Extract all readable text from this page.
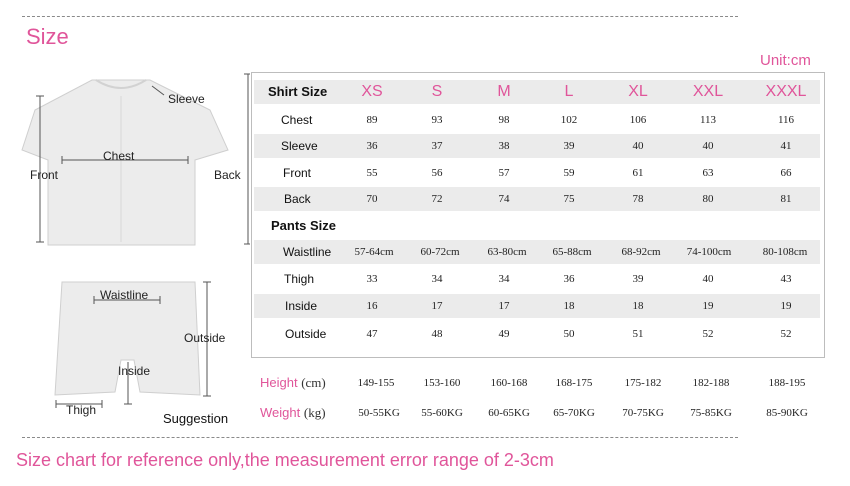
Size
Unit:cm
Sleeve
Chest
Front	Back
Waistline
Outside
Inside
Thigh
Shirt Size	XS	S	M	L	XL	XXL	XXXL
Chest	89	93	98	102	106	113	116
Sleeve	36	37	38	39	40	40	41
Front	55	56	57	59	61	63	66
Back	70	72	74	75	78	80	81
Pants Size
Waistline	57-64cm	60-72cm	63-80cm	65-88cm	68-92cm	74-100cm	80-108cm
Thigh	33	34	34	36	39	40	43
Inside	16	17	17	18	18	19	19
Outside	47	48	49	50	51	52	52
Height (cm)	149-155	153-160	160-168	168-175	175-182	182-188	188-195
Weight (kg)	50-55KG	55-60KG	60-65KG	65-70KG	70-75KG	75-85KG	85-90KG
Suggestion
Size chart for reference only,the measurement error range of 2-3cm
